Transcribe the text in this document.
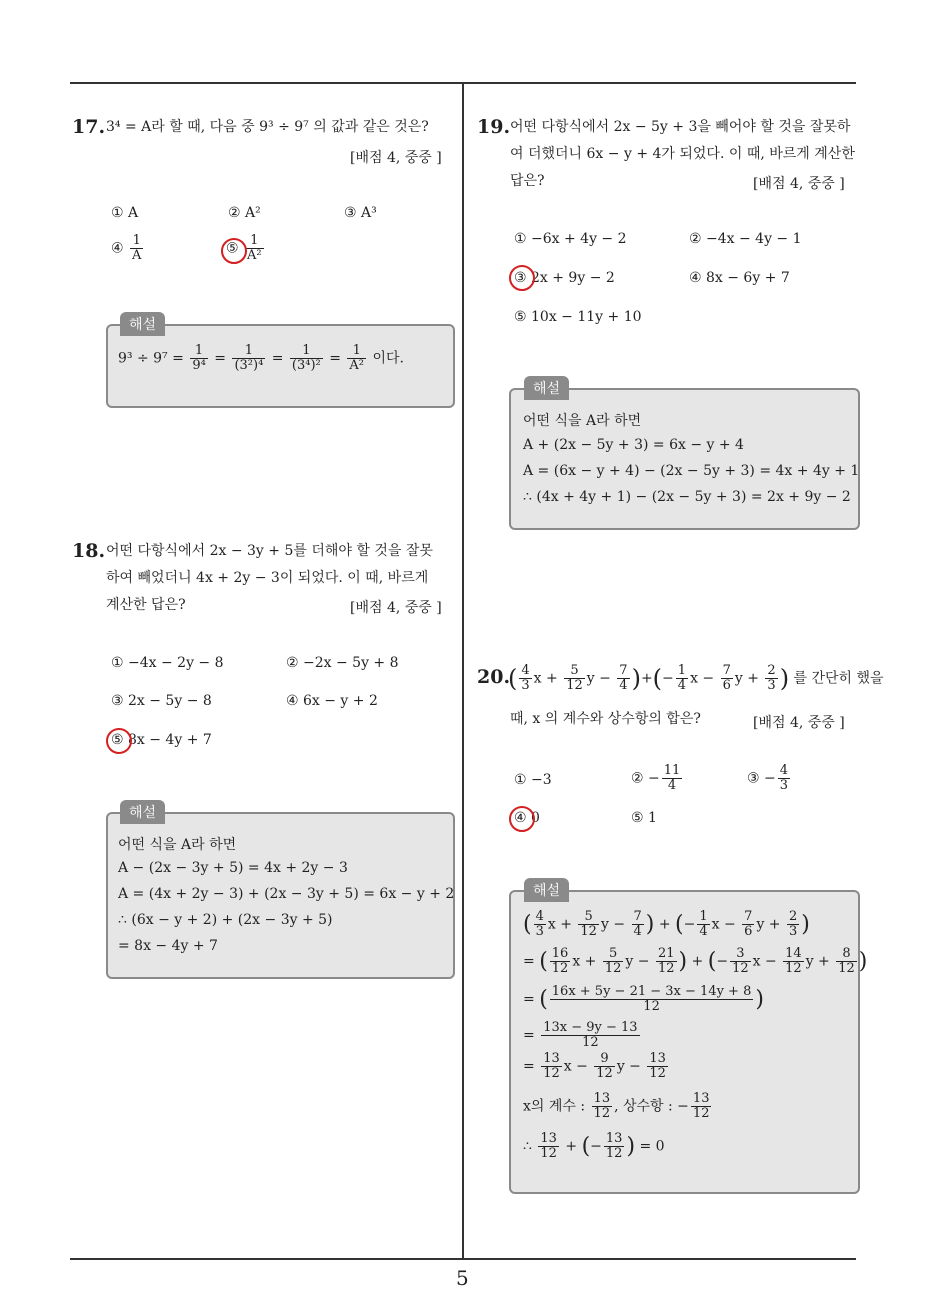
5
17. 3⁴ = A라 할 때, 다음 중 9³ ÷ 9⁷ 의 값과 같은 것은?
[배점 4, 중중 ]
① A	② A²	③ A³
④ $\frac{1}{A}$	⑤ $\frac{1}{\text{A²}}$
$9^3 \div 9^7 = \frac{1}{\text{9⁴}} = \frac{1}{\text{(3²)⁴}} = \frac{1}{\text{(3⁴)²}} = \frac{1}{\text{A²}}$ 이다.
해설
18. 어떤 다항식에서 2x − 3y + 5를 더해야 할 것을 잘못
하여 빼었더니 4x + 2y − 3이 되었다. 이 때, 바르게
계산한 답은?	[배점 4, 중중 ]
① −4x − 2y − 8	② −2x − 5y + 8
③ 2x − 5y − 8	④ 6x − y + 2
⑤ 8x − 4y + 7
어떤 식을 A라 하면
A − (2x − 3y + 5) = 4x + 2y − 3
A = (4x + 2y − 3) + (2x − 3y + 5) = 6x − y + 2
∴ (6x − y + 2) + (2x − 3y + 5)
= 8x − 4y + 7
해설
19. 어떤 다항식에서 2x − 5y + 3을 빼어야 할 것을 잘못하
여 더했더니 6x − y + 4가 되었다. 이 때, 바르게 계산한
답은?	[배점 4, 중중 ]
① −6x + 4y − 2	② −4x − 4y − 1
③ 2x + 9y − 2	④ 8x − 6y + 7
⑤ 10x − 11y + 10
어떤 식을 A라 하면
A + (2x − 5y + 3) = 6x − y + 4
A = (6x − y + 4) − (2x − 5y + 3) = 4x + 4y + 1
∴ (4x + 4y + 1) − (2x − 5y + 3) = 2x + 9y − 2
해설
20.
( $\frac{4}{3}$ $x + \frac{5}{12}$ $y - \frac{7}{4}$ )+(− $\frac{1}{4}$ $x - \frac{7}{6}$ $y + \frac{2}{3}$ ) 를 간단히 했을
때, x 의 계수와 상수항의 합은?	[배점 4, 중중 ]
① −3	② − $\frac{11}{4}$	③ − $\frac{4}{3}$
④ 0	⑤ 1
( $\frac{4}{3}$ $x + \frac{5}{12}$ $y - \frac{7}{4}$ ) + (− $\frac{1}{4}$ $x - \frac{7}{6}$ $y + \frac{2}{3}$ )
= ( $\frac{16}{12}$ $x + \frac{5}{12}$ $y - \frac{21}{12}$ ) + (− $\frac{3}{12}$ $x - \frac{14}{12}$ $y + \frac{8}{12}$ )
= ( $\frac{16x + 5y - 21 - 3x - 14y + 8}{12}$ )
= $\frac{13x - 9y - 13}{12}$
= $\frac{13}{12}$ $x - \frac{9}{12}$ $y - \frac{13}{12}$
x의 계수 : $\frac{13}{12}$ , 상수항 : − $\frac{13}{12}$
∴ $\frac{13}{12}$ + (− $\frac{13}{12}$ ) = 0
해설
